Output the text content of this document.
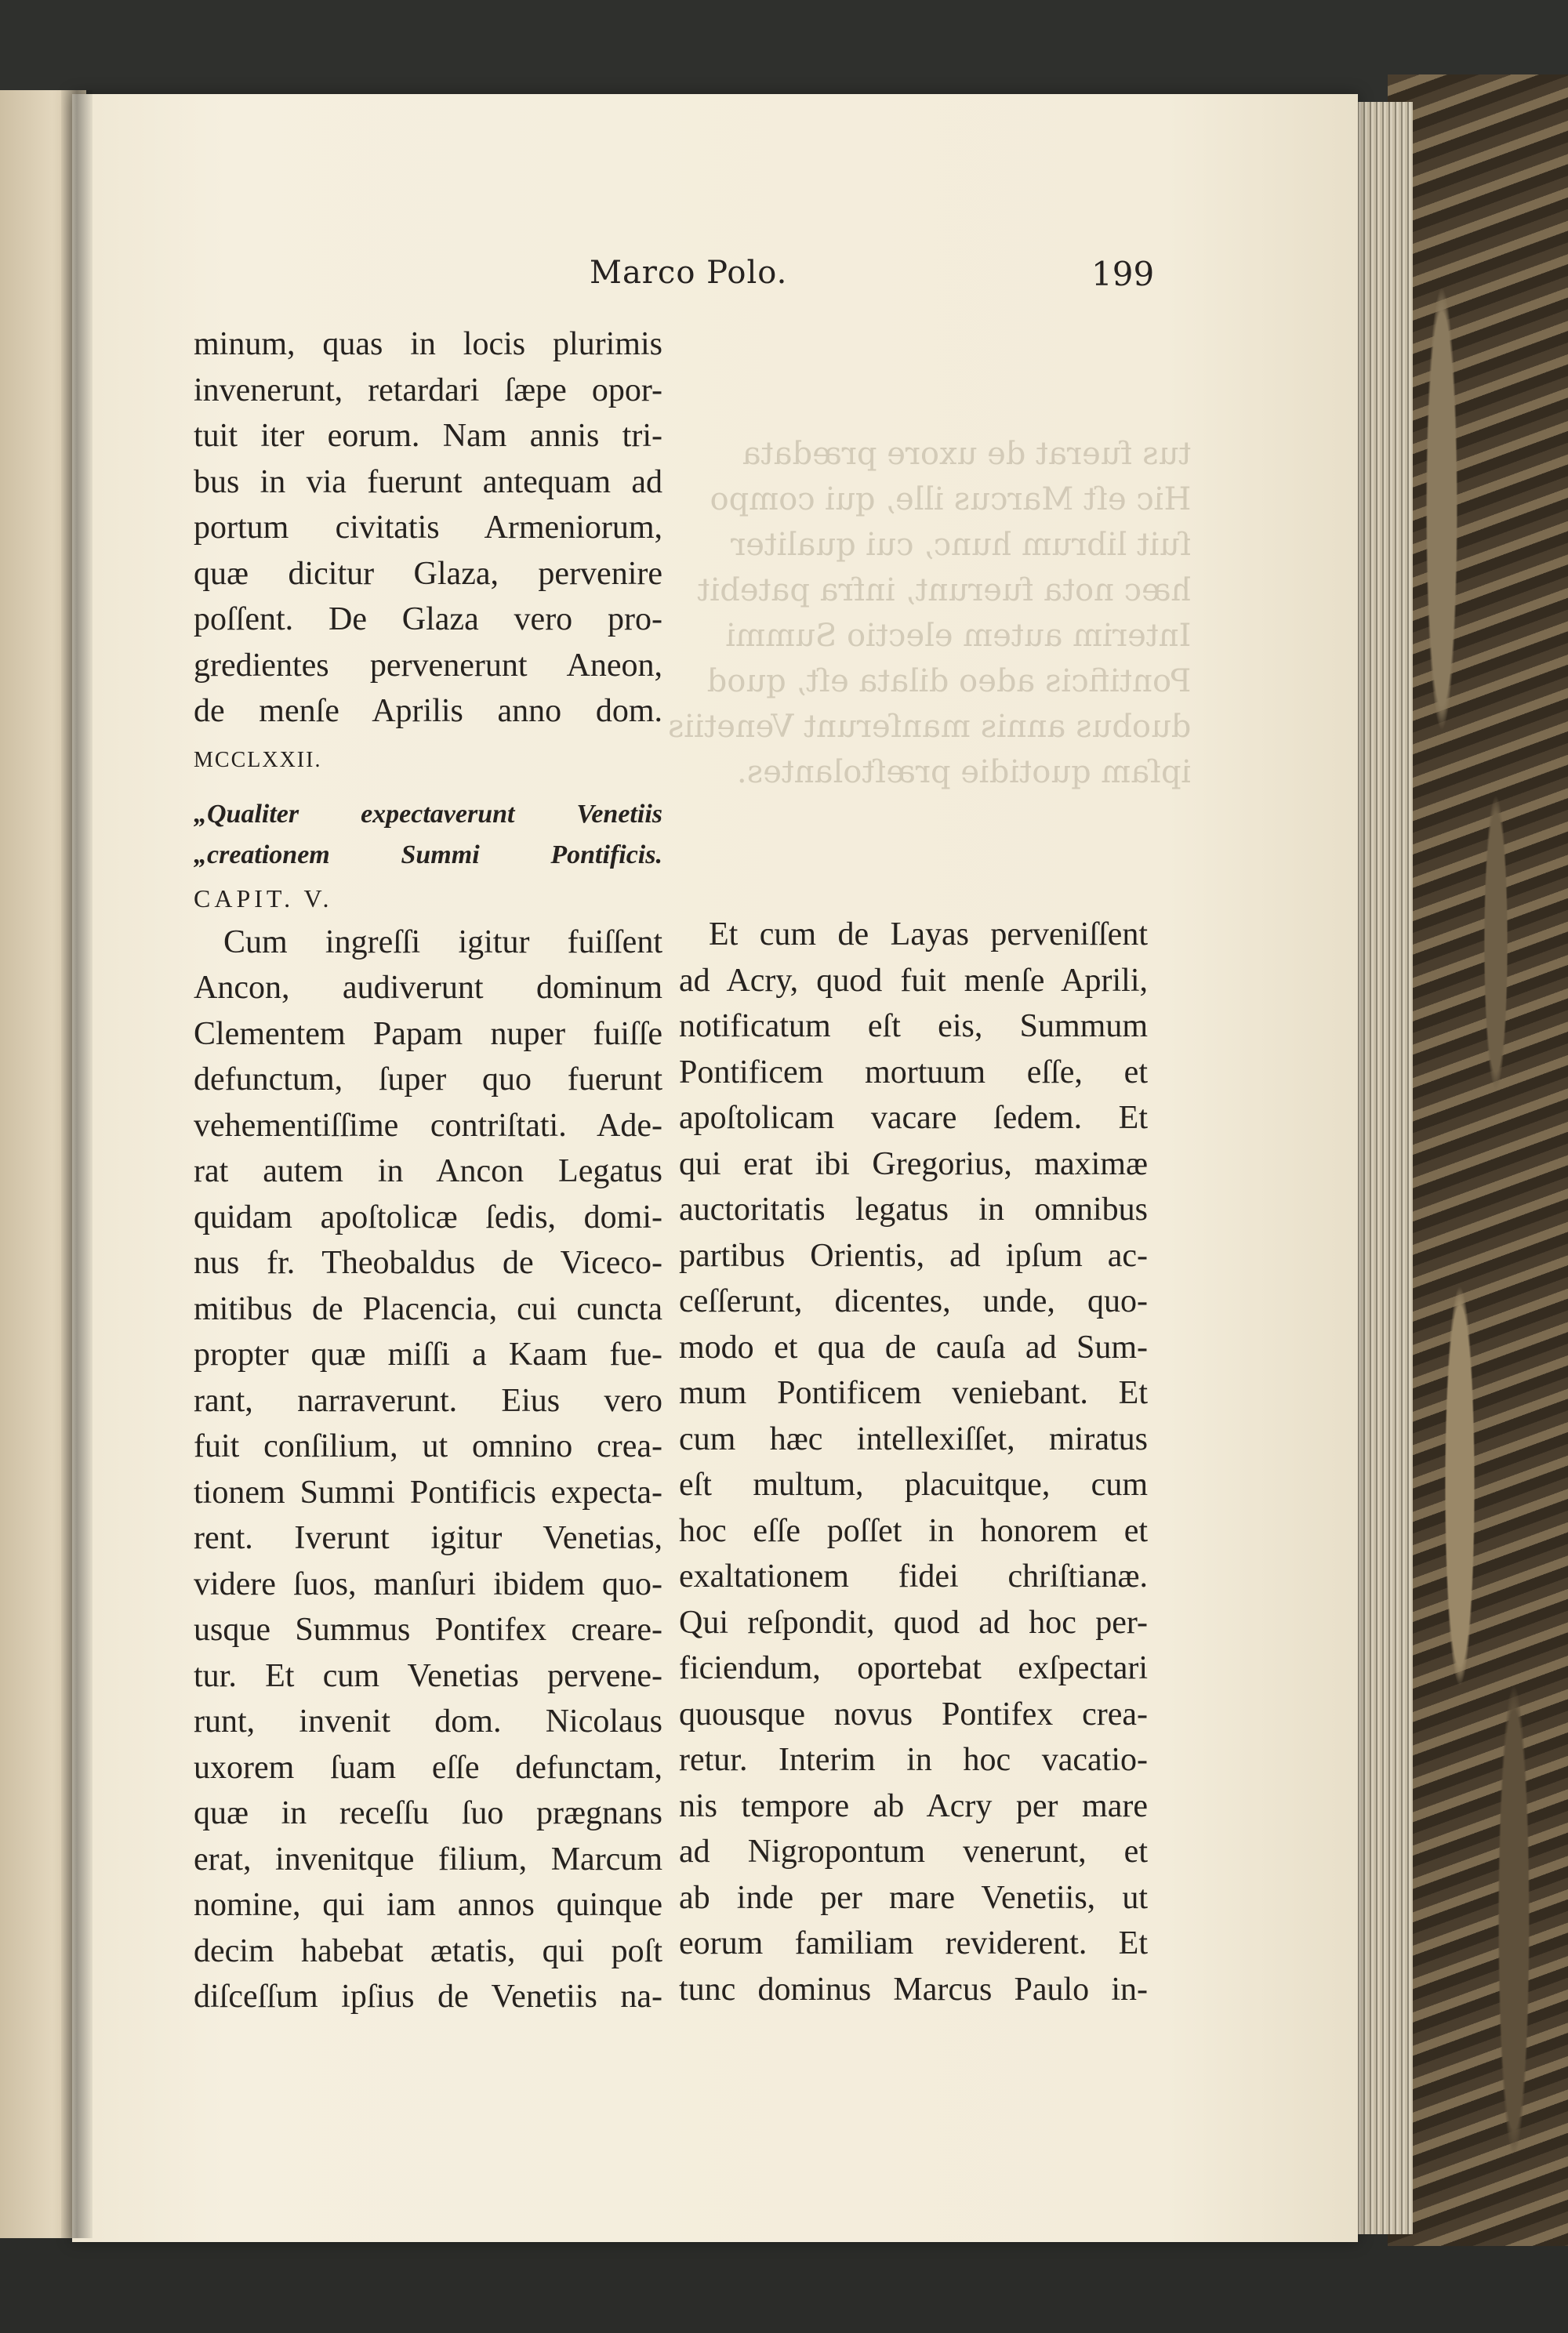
tus fuerat de uxore prædata
Hic eſt Marcus ille, qui compo
ſuit librum hunc, cui qualiter
hæc nota fuerunt, infra patebit
Interim autem electio Summi
Pontificis adeo dilata eſt, quod
duobus annis manſerunt Venetiis
ipſam quotidie præſtolantes.
Marco Polo.	199
minum, quas in locis plurimis
invenerunt, retardari ſæpe opor-
tuit iter eorum. Nam annis tri-
bus in via fuerunt antequam ad
portum civitatis Armeniorum,
quæ dicitur Glaza, pervenire
poſſent. De Glaza vero pro-
gredientes pervenerunt Aneon,
de menſe Aprilis anno dom.
MCCLXXII.
„Qualiter expectaverunt Venetiis
„creationem Summi Pontificis.
CAPIT. V.
Cum ingreſſi igitur fuiſſent
Ancon, audiverunt dominum
Clementem Papam nuper fuiſſe
defunctum, ſuper quo fuerunt
vehementiſſime contriſtati. Ade-
rat autem in Ancon Legatus
quidam apoſtolicæ ſedis, domi-
nus fr. Theobaldus de Viceco-
mitibus de Placencia, cui cuncta
propter quæ miſſi a Kaam fue-
rant, narraverunt. Eius vero
fuit conſilium, ut omnino crea-
tionem Summi Pontificis expecta-
rent. Iverunt igitur Venetias,
videre ſuos, manſuri ibidem quo-
usque Summus Pontifex creare-
tur. Et cum Venetias pervene-
runt, invenit dom. Nicolaus
uxorem ſuam eſſe defunctam,
quæ in receſſu ſuo prægnans
erat, invenitque filium, Marcum
nomine, qui iam annos quinque
decim habebat ætatis, qui poſt
diſceſſum ipſius de Venetiis na-
Et cum de Layas perveniſſent
ad Acry, quod fuit menſe Aprili,
notificatum eſt eis, Summum
Pontificem mortuum eſſe, et
apoſtolicam vacare ſedem. Et
qui erat ibi Gregorius, maximæ
auctoritatis legatus in omnibus
partibus Orientis, ad ipſum ac-
ceſſerunt, dicentes, unde, quo-
modo et qua de cauſa ad Sum-
mum Pontificem veniebant. Et
cum hæc intellexiſſet, miratus
eſt multum, placuitque, cum
hoc eſſe poſſet in honorem et
exaltationem fidei chriſtianæ.
Qui reſpondit, quod ad hoc per-
ficiendum, oportebat exſpectari
quousque novus Pontifex crea-
retur. Interim in hoc vacatio-
nis tempore ab Acry per mare
ad Nigropontum venerunt, et
ab inde per mare Venetiis, ut
eorum familiam reviderent. Et
tunc dominus Marcus Paulo in-
